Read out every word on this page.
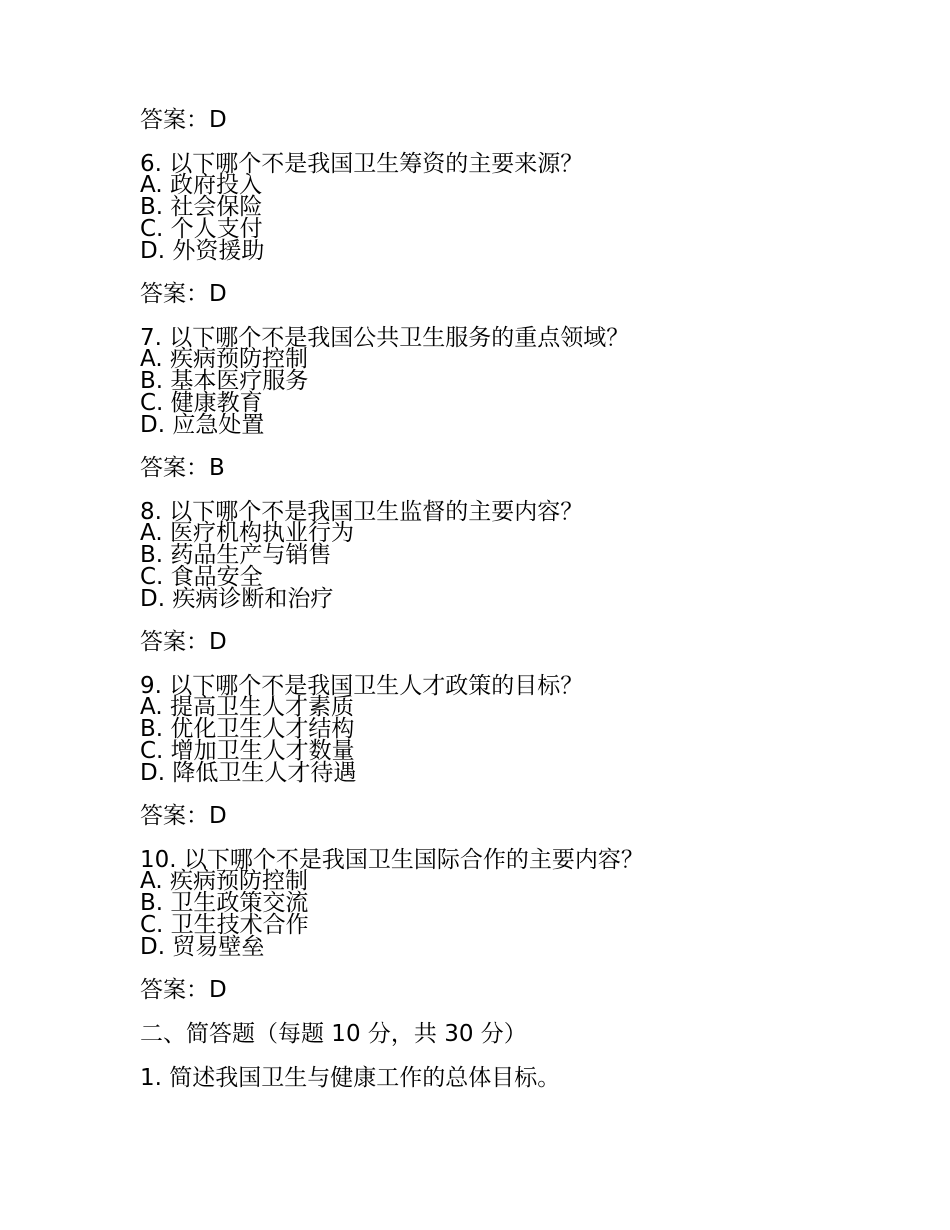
答案：D
6. 以下哪个不是我国卫生筹资的主要来源？
A. 政府投入
B. 社会保险
C. 个人支付
D. 外资援助
答案：D
7. 以下哪个不是我国公共卫生服务的重点领域？
A. 疾病预防控制
B. 基本医疗服务
C. 健康教育
D. 应急处置
答案：B
8. 以下哪个不是我国卫生监督的主要内容？
A. 医疗机构执业行为
B. 药品生产与销售
C. 食品安全
D. 疾病诊断和治疗
答案：D
9. 以下哪个不是我国卫生人才政策的目标？
A. 提高卫生人才素质
B. 优化卫生人才结构
C. 增加卫生人才数量
D. 降低卫生人才待遇
答案：D
10. 以下哪个不是我国卫生国际合作的主要内容？
A. 疾病预防控制
B. 卫生政策交流
C. 卫生技术合作
D. 贸易壁垒
答案：D
二、简答题（每题 10 分，共 30 分）
1. 简述我国卫生与健康工作的总体目标。
